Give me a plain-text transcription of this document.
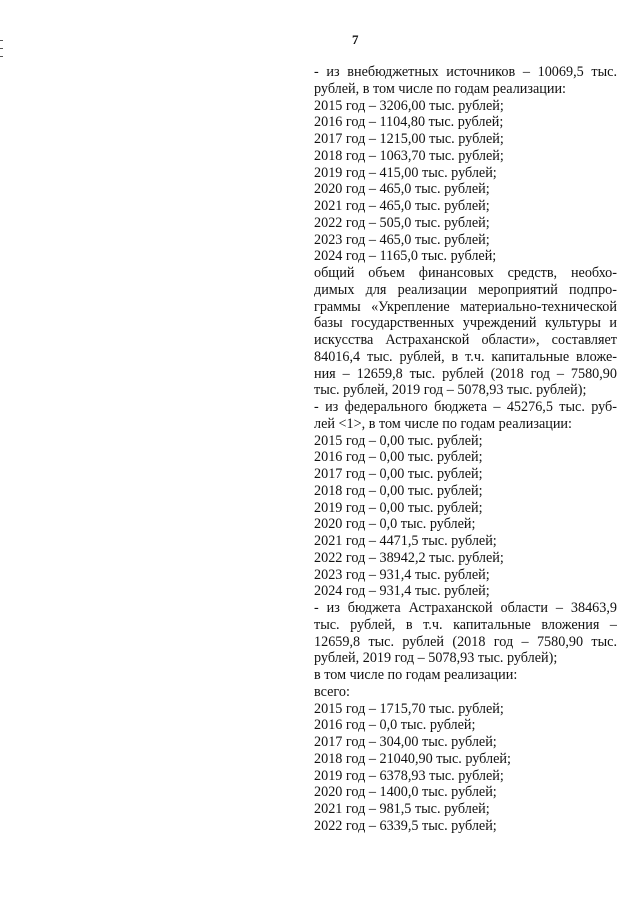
7
- из внебюджетных источников – 10069,5 тыс.
рублей, в том числе по годам реализации:
2015 год – 3206,00 тыс. рублей;
2016 год – 1104,80 тыс. рублей;
2017 год – 1215,00 тыс. рублей;
2018 год – 1063,70 тыс. рублей;
2019 год – 415,00 тыс. рублей;
2020 год – 465,0 тыс. рублей;
2021 год – 465,0 тыс. рублей;
2022 год – 505,0 тыс. рублей;
2023 год – 465,0 тыс. рублей;
2024 год – 1165,0 тыс. рублей;
общий объем финансовых средств, необхо-
димых для реализации мероприятий подпро-
граммы «Укрепление материально-технической
базы государственных учреждений культуры и
искусства Астраханской области», составляет
84016,4 тыс. рублей, в т.ч. капитальные вложе-
ния – 12659,8 тыс. рублей (2018 год – 7580,90
тыс. рублей, 2019 год – 5078,93 тыс. рублей);
- из федерального бюджета – 45276,5 тыс. руб-
лей <1>, в том числе по годам реализации:
2015 год – 0,00 тыс. рублей;
2016 год – 0,00 тыс. рублей;
2017 год – 0,00 тыс. рублей;
2018 год – 0,00 тыс. рублей;
2019 год – 0,00 тыс. рублей;
2020 год – 0,0 тыс. рублей;
2021 год – 4471,5 тыс. рублей;
2022 год – 38942,2 тыс. рублей;
2023 год – 931,4 тыс. рублей;
2024 год – 931,4 тыс. рублей;
- из бюджета Астраханской области – 38463,9
тыс. рублей, в т.ч. капитальные вложения –
12659,8 тыс. рублей (2018 год – 7580,90 тыс.
рублей, 2019 год – 5078,93 тыс. рублей);
в том числе по годам реализации:
всего:
2015 год – 1715,70 тыс. рублей;
2016 год – 0,0 тыс. рублей;
2017 год – 304,00 тыс. рублей;
2018 год – 21040,90 тыс. рублей;
2019 год – 6378,93 тыс. рублей;
2020 год – 1400,0 тыс. рублей;
2021 год – 981,5 тыс. рублей;
2022 год – 6339,5 тыс. рублей;
